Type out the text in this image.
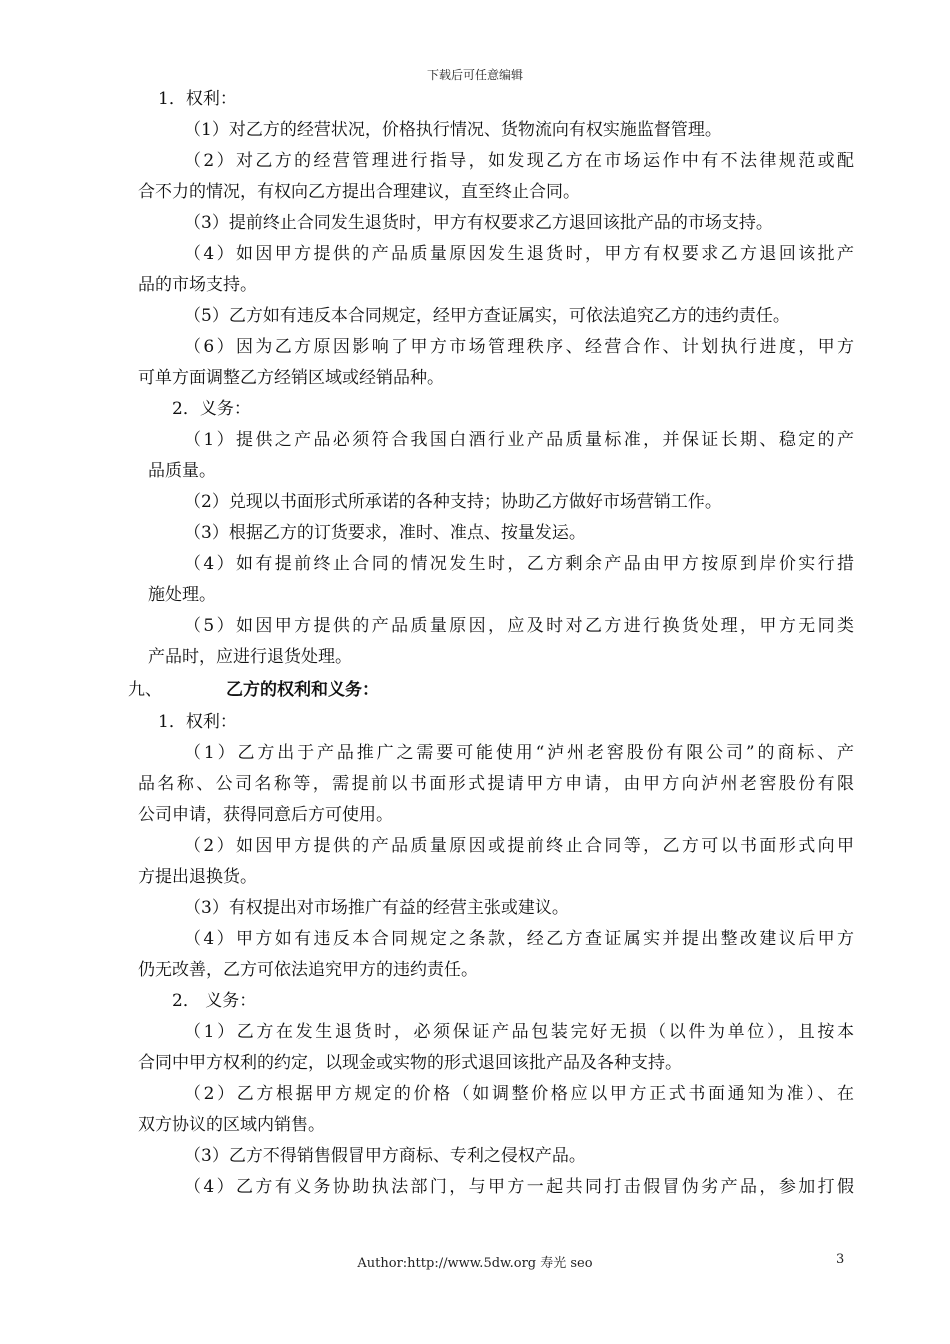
下载后可任意编辑
1．权利：
（1）对乙方的经营状况，价格执行情况、货物流向有权实施监督管理。
（2）对乙方的经营管理进行指导，如发现乙方在市场运作中有不法律规范或配
合不力的情况，有权向乙方提出合理建议，直至终止合同。
（3）提前终止合同发生退货时，甲方有权要求乙方退回该批产品的市场支持。
（4）如因甲方提供的产品质量原因发生退货时，甲方有权要求乙方退回该批产
品的市场支持。
（5）乙方如有违反本合同规定，经甲方查证属实，可依法追究乙方的违约责任。
（6）因为乙方原因影响了甲方市场管理秩序、经营合作、计划执行进度，甲方
可单方面调整乙方经销区域或经销品种。
2．义务：
（1）提供之产品必须符合我国白酒行业产品质量标准，并保证长期、稳定的产
品质量。
（2）兑现以书面形式所承诺的各种支持；协助乙方做好市场营销工作。
（3）根据乙方的订货要求，准时、准点、按量发运。
（4）如有提前终止合同的情况发生时，乙方剩余产品由甲方按原到岸价实行措
施处理。
（5）如因甲方提供的产品质量原因，应及时对乙方进行换货处理，甲方无同类
产品时，应进行退货处理。
九、	乙方的权利和义务：
1．权利：
（1）乙方出于产品推广之需要可能使用“泸州老窖股份有限公司”的商标、产
品名称、公司名称等，需提前以书面形式提请甲方申请，由甲方向泸州老窖股份有限
公司申请，获得同意后方可使用。
（2）如因甲方提供的产品质量原因或提前终止合同等，乙方可以书面形式向甲
方提出退换货。
（3）有权提出对市场推广有益的经营主张或建议。
（4）甲方如有违反本合同规定之条款，经乙方查证属实并提出整改建议后甲方
仍无改善，乙方可依法追究甲方的违约责任。
2． 义务：
（1）乙方在发生退货时，必须保证产品包装完好无损（以件为单位），且按本
合同中甲方权利的约定，以现金或实物的形式退回该批产品及各种支持。
（2）乙方根据甲方规定的价格（如调整价格应以甲方正式书面通知为准）、在
双方协议的区域内销售。
（3）乙方不得销售假冒甲方商标、专利之侵权产品。
（4）乙方有义务协助执法部门，与甲方一起共同打击假冒伪劣产品，参加打假
Author:http://www.5dw.org 寿光 seo	3
